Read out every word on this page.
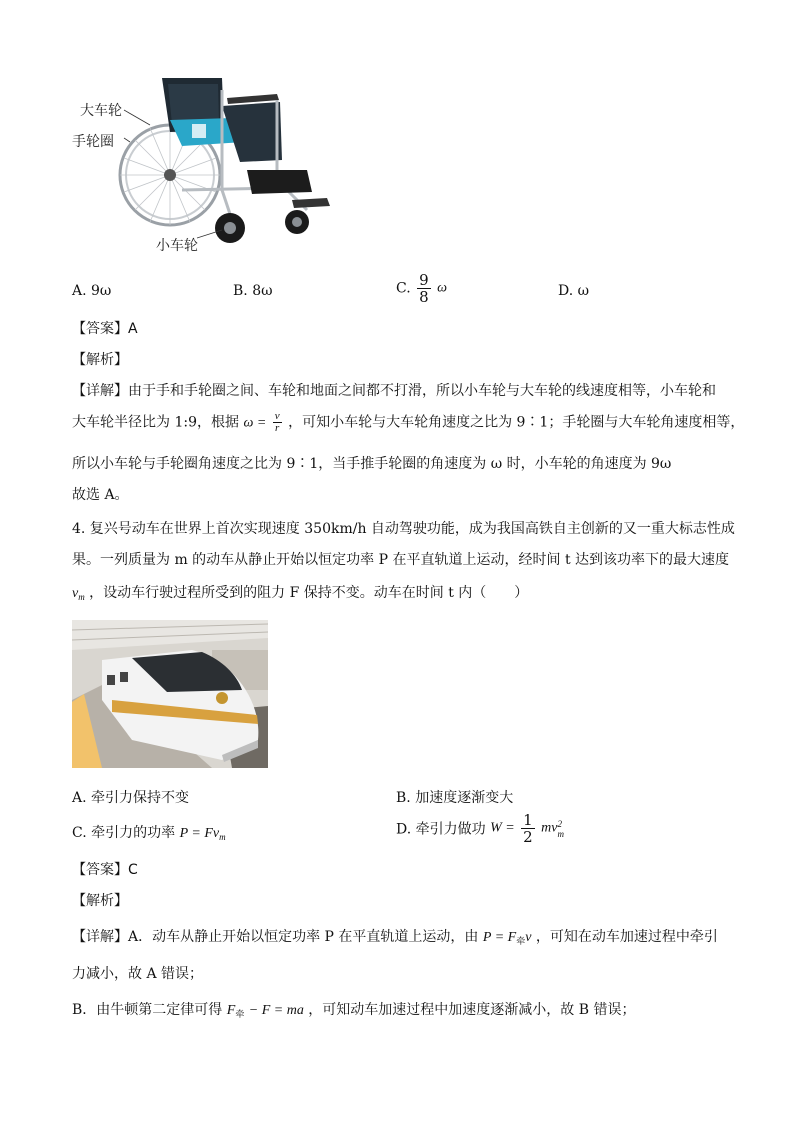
大车轮
手轮圈
小车轮
A. 9ω	B. 8ω	C. $\frac{9}{8}$ ω	D. ω
【答案】A
【解析】
【详解】由于手和手轮圈之间、车轮和地面之间都不打滑，所以小车轮与大车轮的线速度相等，小车轮和
大车轮半径比为 1:9，根据 $\omega = \frac{v}{r}$ ，可知小车轮与大车轮角速度之比为 9∶1；手轮圈与大车轮角速度相等，
所以小车轮与手轮圈角速度之比为 9∶1，当手推手轮圈的角速度为 ω 时，小车轮的角速度为 9ω
故选 A。
4. 复兴号动车在世界上首次实现速度 350km/h 自动驾驶功能，成为我国高铁自主创新的又一重大标志性成
果。一列质量为 m 的动车从静止开始以恒定功率 P 在平直轨道上运动，经时间 t 达到该功率下的最大速度
$v_m$ ，设动车行驶过程所受到的阻力 F 保持不变。动车在时间 t 内（　　）
A. 牵引力保持不变	B. 加速度逐渐变大
C. 牵引力的功率 $P = Fv_m$	D. 牵引力做功 $W = \frac{1}{2}$ mv 2
m
【答案】C
【解析】
【详解】A．动车从静止开始以恒定功率 P 在平直轨道上运动，由 $P = F_牵v$ ，可知在动车加速过程中牵引
力减小，故 A 错误；
B．由牛顿第二定律可得 $F_牵 - F$ = ma ，可知动车加速过程中加速度逐渐减小，故 B 错误；
